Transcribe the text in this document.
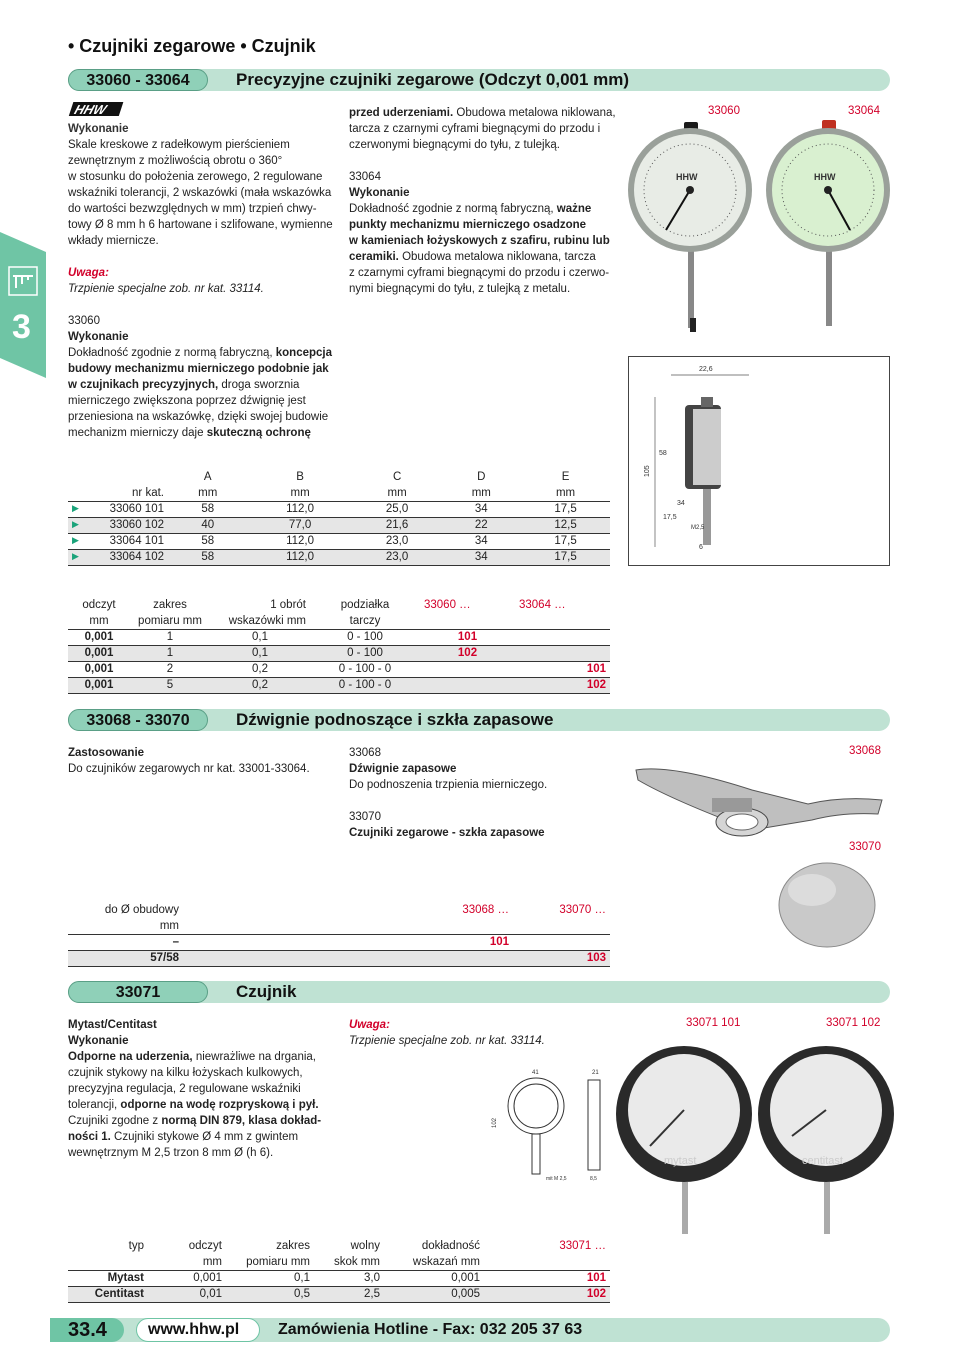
• Czujniki zegarowe • Czujnik
3
33060 - 33064	Precyzyjne czujniki zegarowe (Odczyt 0,001 mm)
HHW

Wykonanie

Skale kreskowe z radełkowym pierścieniem

zewnętrznym z możliwością obrotu o 360°

w stosunku do położenia zerowego, 2 regulowane

wskaźniki tolerancji, 2 wskazówki (mała wskazówka

do wartości bezwzględnych w mm) trzpień chwy-

towy Ø 8 mm h 6 hartowane i szlifowane, wymienne

wkłady miernicze.

Uwaga:

Trzpienie specjalne zob. nr kat. 33114.

33060

Wykonanie

Dokładność zgodnie z normą fabryczną, koncepcja

budowy mechanizmu mierniczego podobnie jak

w czujnikach precyzyjnych, droga sworznia

mierniczego zwiększona poprzez dźwignię jest

przeniesiona na wskazówkę, dzięki swojej budowie

mechanizm mierniczy daje skuteczną ochronę

przed uderzeniami. Obudowa metalowa niklowana,

tarcza z czarnymi cyframi biegnącymi do przodu i

czerwonymi biegnącymi do tyłu, z tulejką.

33064

Wykonanie

Dokładność zgodnie z normą fabryczną, ważne

punkty mechanizmu mierniczego osadzone

w kamieniach łożyskowych z szafiru, rubinu lub

ceramiki. Obudowa metalowa niklowana, tarcza

z czarnymi cyframi biegnącymi do przodu i czerwo-

nymi biegnącymi do tyłu, z tulejką z metalu.

33060	33064
HHW	HHW
22,6
105
58
34
17,5
M2,5
6
	A	B	C	D	E
nr kat.	mm	mm	mm	mm	mm

▶ 33060 101	58	112,0	25,0	34	17,5

▶ 33060 102	40	77,0	21,6	22	12,5

▶ 33064 101	58	112,0	23,0	34	17,5

▶ 33064 102	58	112,0	23,0	34	17,5
odczyt	zakres	1 obrót	podziałka	33060 …	33064 …
mm	pomiaru mm	wskazówki mm	tarczy		
0,001	1	0,1	0 - 100	101	
0,001	1	0,1	0 - 100	102	
0,001	2	0,2	0 - 100 - 0		101
0,001	5	0,2	0 - 100 - 0		102
33068 - 33070	Dźwignie podnoszące i szkła zapasowe

Zastosowanie

Do czujników zegarowych nr kat. 33001-33064.

33068

Dźwignie zapasowe

Do podnoszenia trzpienia mierniczego.

33070

Czujniki zegarowe - szkła zapasowe

33068
33070
do Ø obudowy	33068 …	33070 …
mm		
–	101	
57/58		103
33071	Czujnik

Mytast/Centitast

Wykonanie

Odporne na uderzenia, niewrażliwe na drgania,

czujnik stykowy na kilku łożyskach kulkowych,

precyzyjna regulacja, 2 regulowane wskaźniki

tolerancji, odporne na wodę rozpryskową i pył.

Czujniki zgodne z normą DIN 879, klasa dokład-

ności 1. Czujniki stykowe Ø 4 mm z gwintem

wewnętrznym M 2,5 trzon 8 mm Ø (h 6).

Uwaga:

Trzpienie specjalne zob. nr kat. 33114.

33071 101	33071 102
41	21
102
mit M 2,5	8,5
mytast	centitast
typ	odczyt	zakres	wolny	dokładność	33071 …
	mm	pomiaru mm	skok mm	wskazań mm	
Mytast	0,001	0,1	3,0	0,001	101
Centitast	0,01	0,5	2,5	0,005	102
33.4	www.hhw.pl Zamówienia Hotline - Fax: 032 205 37 63
